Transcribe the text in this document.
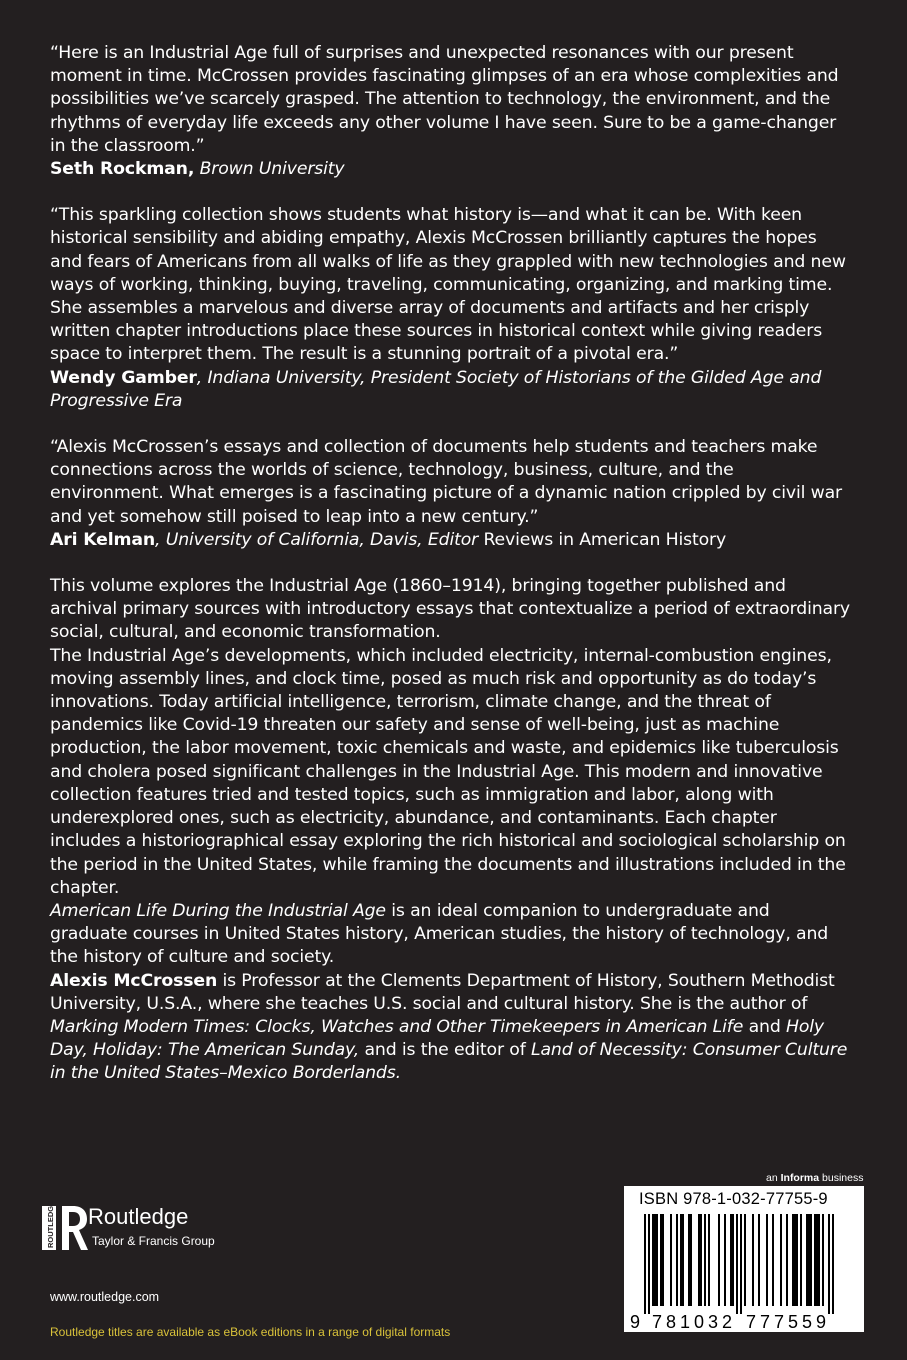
“Here is an Industrial Age full of surprises and unexpected resonances with our present moment in time. McCrossen provides fascinating glimpses of an era whose complexities and possibilities we’ve scarcely grasped. The attention to technology, the environment, and the rhythms of everyday life exceeds any other volume I have seen. Sure to be a game-changer in the classroom.”

Seth Rockman, Brown University

“This sparkling collection shows students what history is—and what it can be. With keen historical sensibility and abiding empathy, Alexis McCrossen brilliantly captures the hopes and fears of Americans from all walks of life as they grappled with new technologies and new ways of working, thinking, buying, traveling, communicating, organizing, and marking time. She assembles a marvelous and diverse array of documents and artifacts and her crisply written chapter introductions place these sources in historical context while giving readers space to interpret them. The result is a stunning portrait of a pivotal era.”

Wendy Gamber, Indiana University, President Society of Historians of the Gilded Age and Progressive Era

“Alexis McCrossen’s essays and collection of documents help students and teachers make connections across the worlds of science, technology, business, culture, and the environment. What emerges is a fascinating picture of a dynamic nation crippled by civil war and yet somehow still poised to leap into a new century.”

Ari Kelman, University of California, Davis, Editor Reviews in American History

This volume explores the Industrial Age (1860–1914), bringing together published and archival primary sources with introductory essays that contextualize a period of extraordinary social, cultural, and economic transformation.

The Industrial Age’s developments, which included electricity, internal-combustion engines, moving assembly lines, and clock time, posed as much risk and opportunity as do today’s innovations. Today artificial intelligence, terrorism, climate change, and the threat of pandemics like Covid-19 threaten our safety and sense of well-being, just as machine production, the labor movement, toxic chemicals and waste, and epidemics like tuberculosis and cholera posed significant challenges in the Industrial Age. This modern and innovative collection features tried and tested topics, such as immigration and labor, along with underexplored ones, such as electricity, abundance, and contaminants. Each chapter includes a historiographical essay exploring the rich historical and sociological scholarship on the period in the United States, while framing the documents and illustrations included in the chapter.

American Life During the Industrial Age is an ideal companion to undergraduate and graduate courses in United States history, American studies, the history of technology, and the history of culture and society.

Alexis McCrossen is Professor at the Clements Department of History, Southern Methodist University, U.S.A., where she teaches U.S. social and cultural history. She is the author of Marking Modern Times: Clocks, Watches and Other Timekeepers in American Life and Holy Day, Holiday: The American Sunday, and is the editor of Land of Necessity: Consumer Culture in the United States–Mexico Borderlands.

an Informa business
ROUTLEDGE Routledge
Taylor & Francis Group
www.routledge.com
Routledge titles are available as eBook editions in a range of digital formats
ISBN 978-1-032-77755-9
9 7 8 1 0 3 2 7 7 7 5 5 9
